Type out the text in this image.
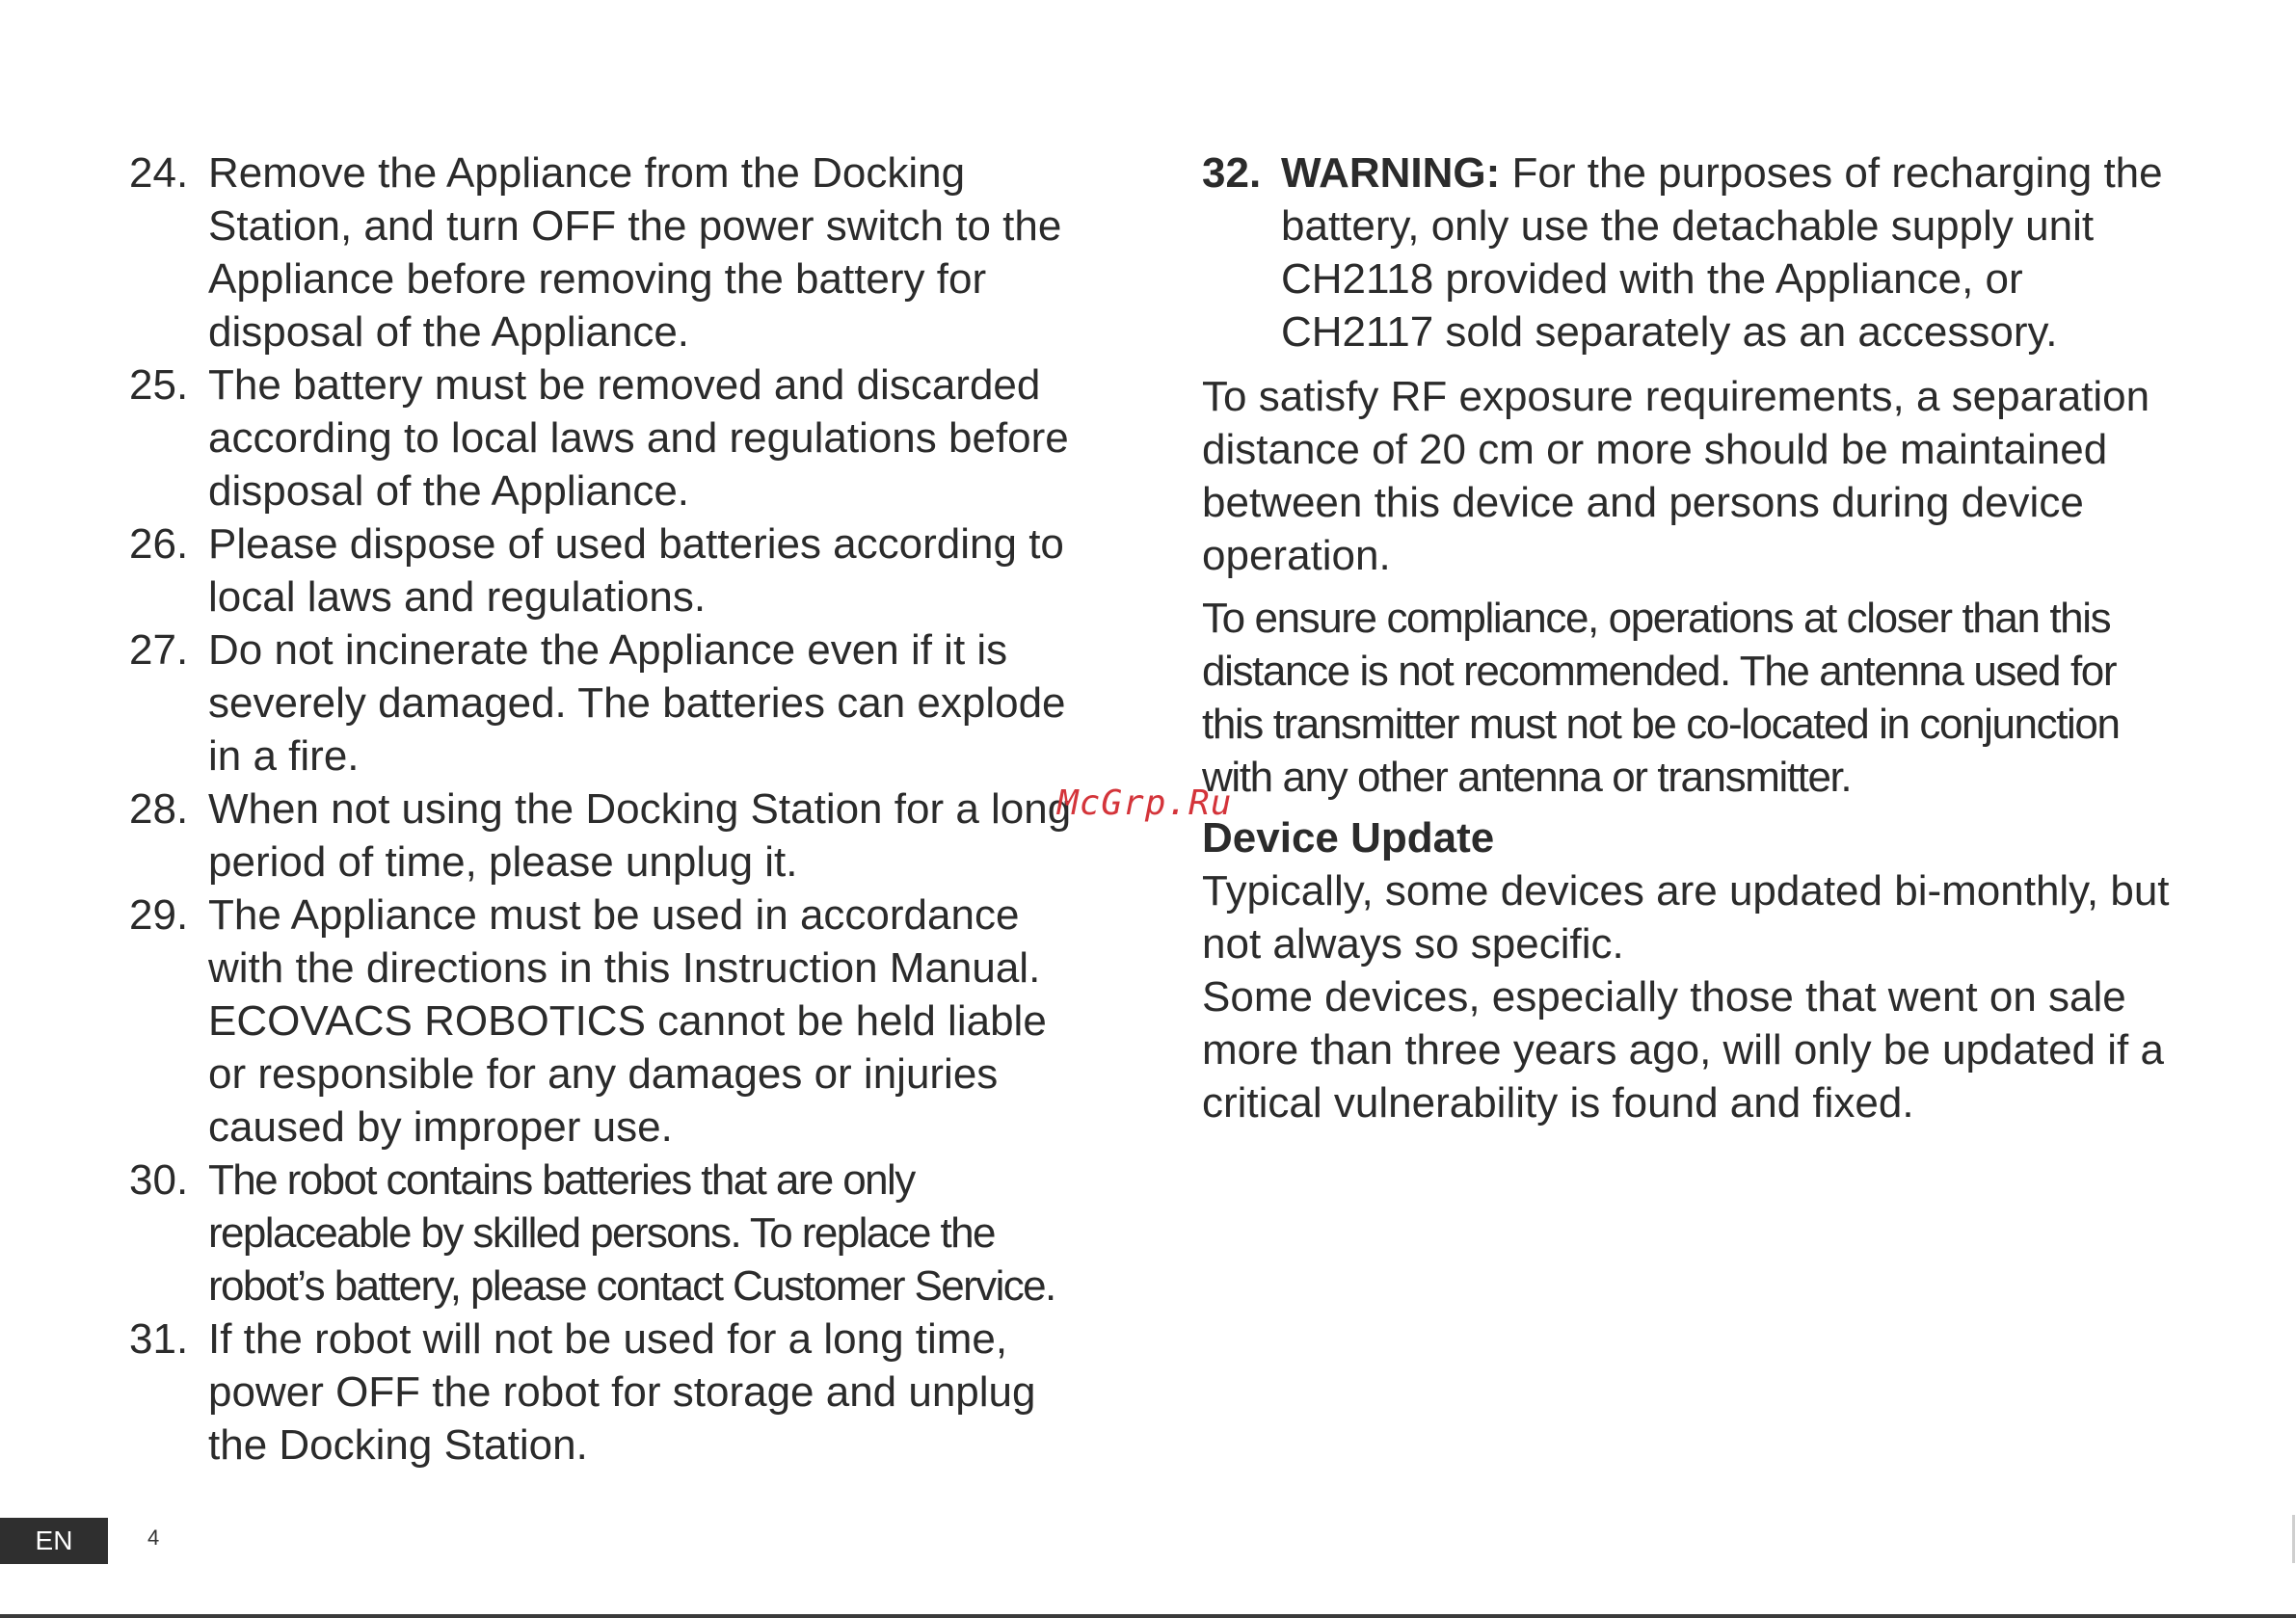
24. Remove the Appliance from the Docking Station, and turn OFF the power switch to the Appliance before removing the battery for disposal of the Appliance.
25. The battery must be removed and discarded according to local laws and regulations before disposal of the Appliance.
26. Please dispose of used batteries according to local laws and regulations.
27. Do not incinerate the Appliance even if it is severely damaged. The batteries can explode in a fire.
28. When not using the Docking Station for a long period of time, please unplug it.
29. The Appliance must be used in accordance with the directions in this Instruction Manual. ECOVACS ROBOTICS cannot be held liable or responsible for any damages or injuries caused by improper use.
30. The robot contains batteries that are only replaceable by skilled persons. To replace the robot’s battery, please contact Customer Service.
31. If the robot will not be used for a long time, power OFF the robot for storage and unplug the Docking Station.
32. WARNING: For the purposes of recharging the battery, only use the detachable supply unit CH2118 provided with the Appliance, or CH2117 sold separately as an accessory.

To satisfy RF exposure requirements, a separation distance of 20 cm or more should be maintained between this device and persons during device operation.

To ensure compliance, operations at closer than this distance is not recommended. The antenna used for this transmitter must not be co-located in conjunction with any other antenna or transmitter.

Device Update

Typically, some devices are updated bi-monthly, but not always so specific.

Some devices, especially those that went on sale more than three years ago, will only be updated if a critical vulnerability is found and fixed.

McGrp.Ru
EN	4
